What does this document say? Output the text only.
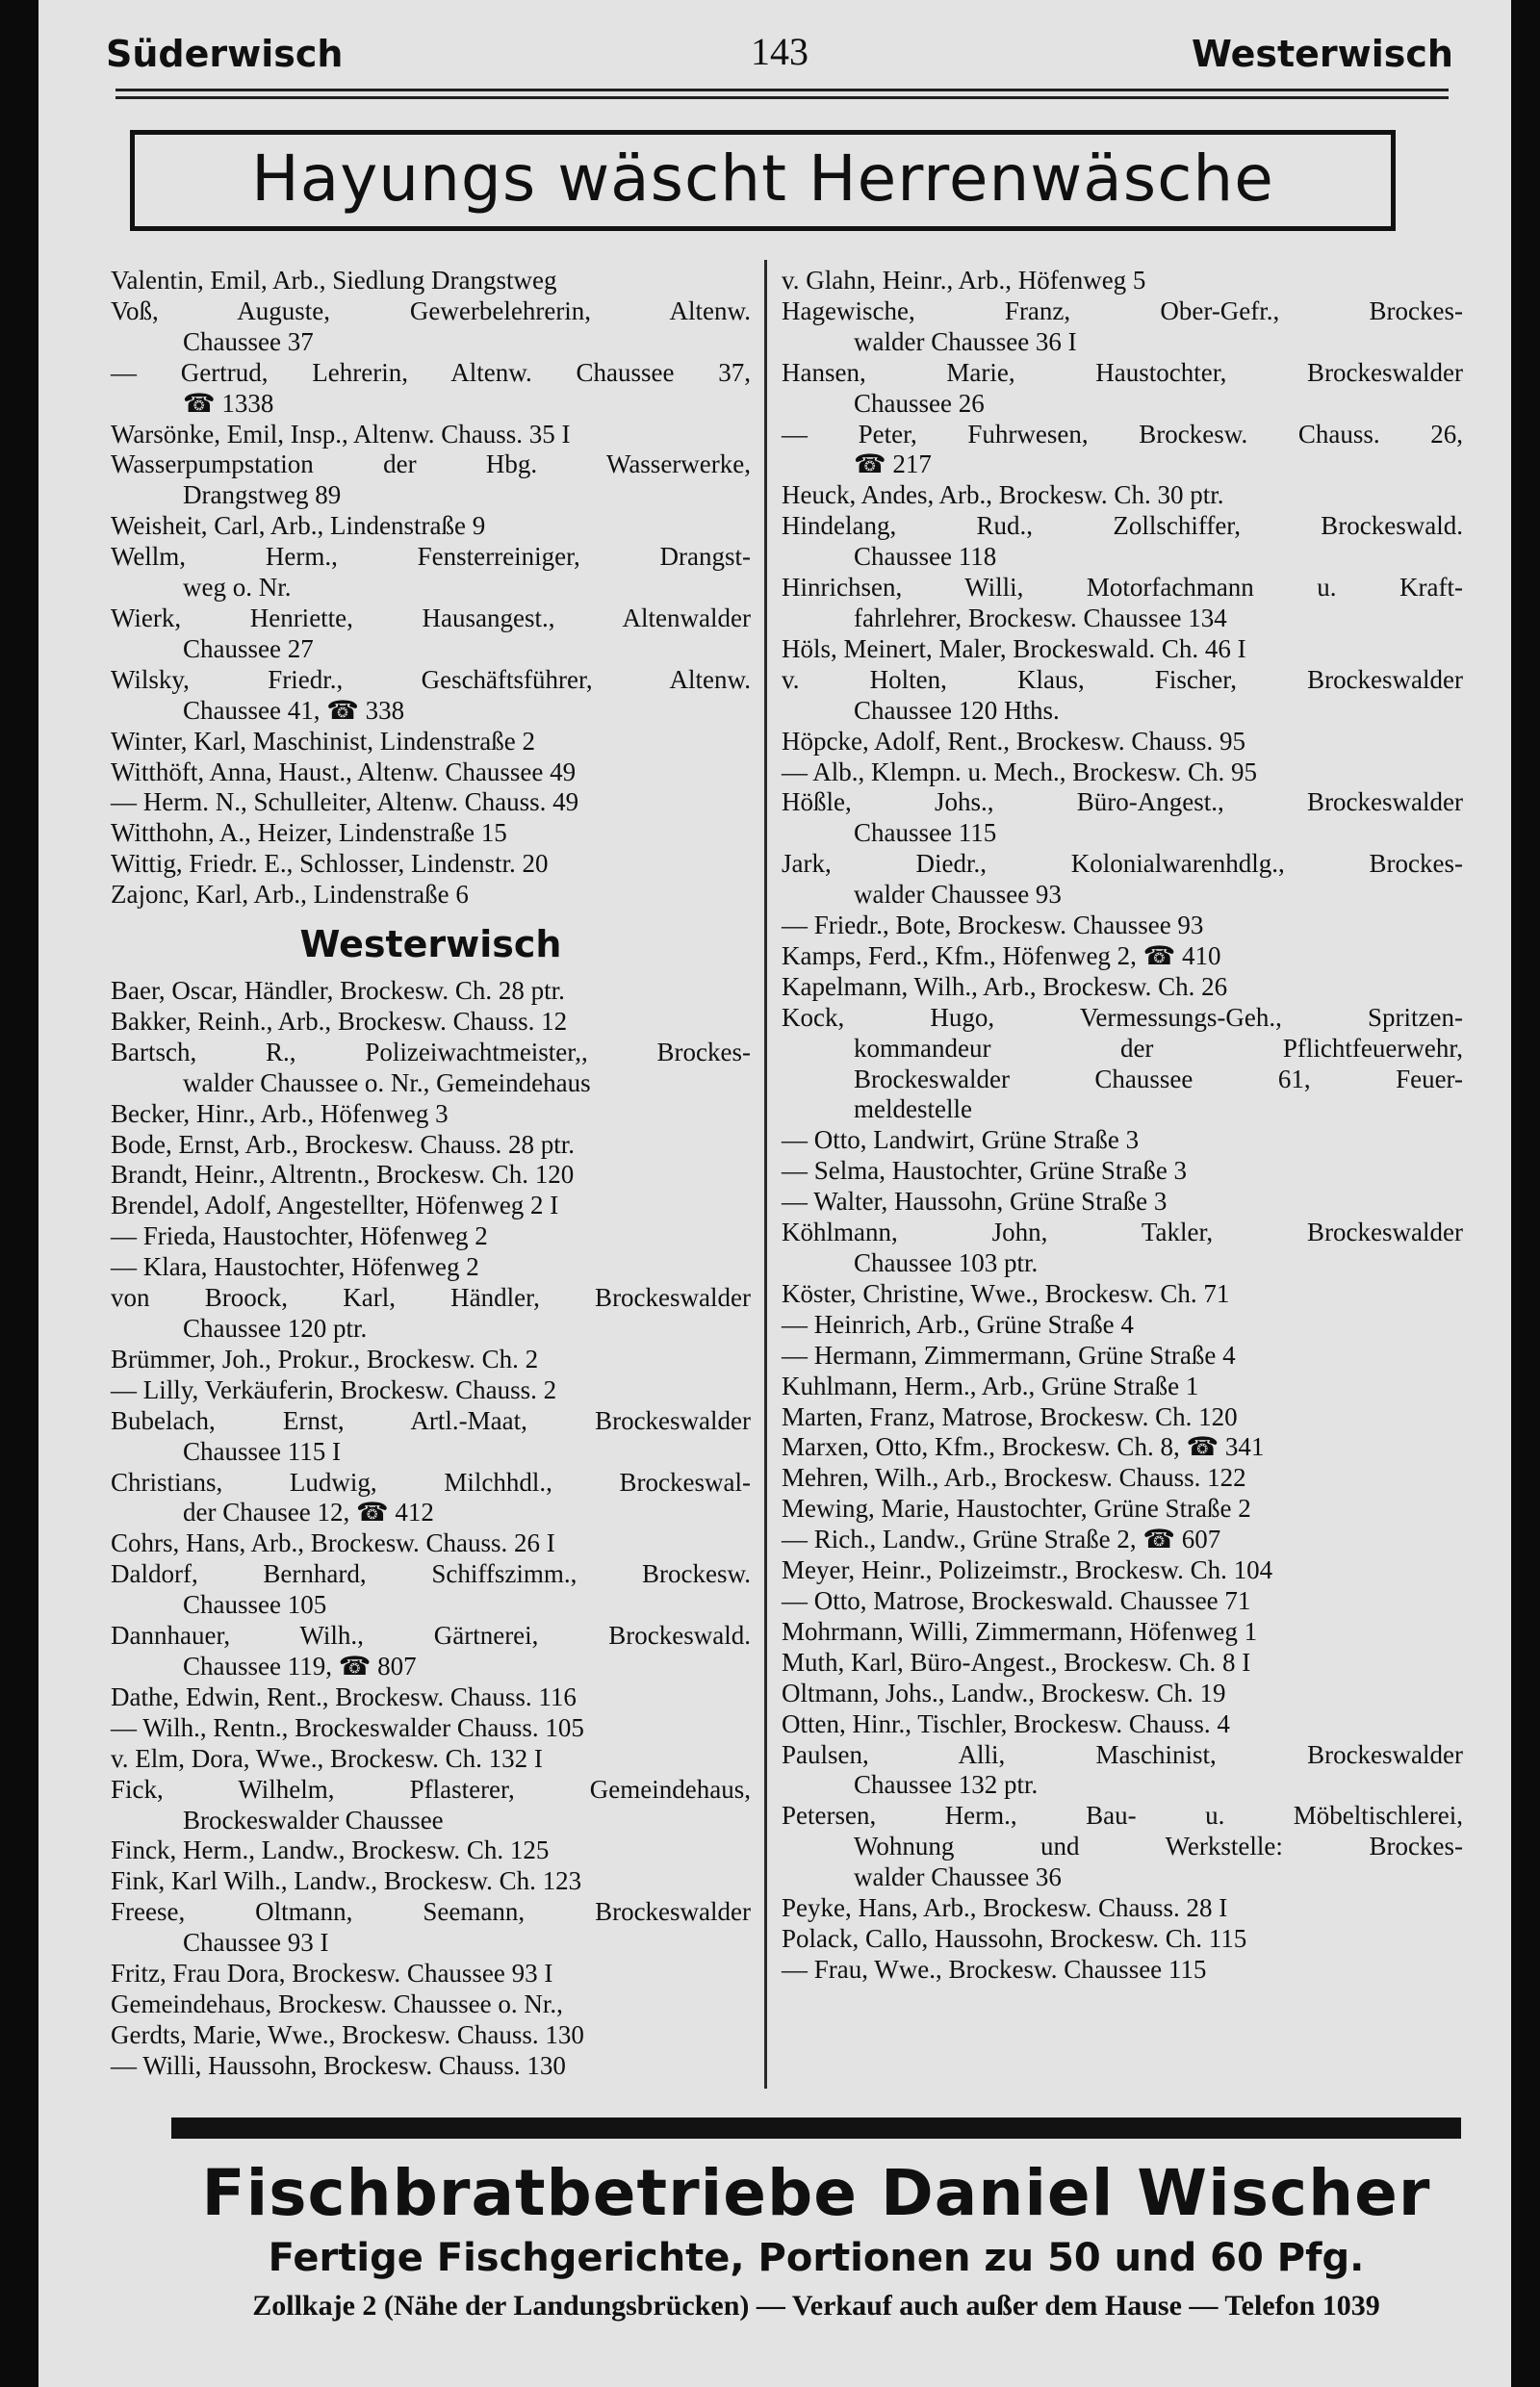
Süderwisch	143	Westerwisch
Hayungs wäscht Herrenwäsche
Valentin, Emil, Arb., Siedlung Drangstweg
Voß, Auguste, Gewerbelehrerin, Altenw.
Chaussee 37
— Gertrud, Lehrerin, Altenw. Chaussee 37,
☎ 1338
Warsönke, Emil, Insp., Altenw. Chauss. 35 I
Wasserpumpstation der Hbg. Wasserwerke,
Drangstweg 89
Weisheit, Carl, Arb., Lindenstraße 9
Wellm, Herm., Fensterreiniger, Drangst-
weg o. Nr.
Wierk, Henriette, Hausangest., Altenwalder
Chaussee 27
Wilsky, Friedr., Geschäftsführer, Altenw.
Chaussee 41, ☎ 338
Winter, Karl, Maschinist, Lindenstraße 2
Witthöft, Anna, Haust., Altenw. Chaussee 49
— Herm. N., Schulleiter, Altenw. Chauss. 49
Witthohn, A., Heizer, Lindenstraße 15
Wittig, Friedr. E., Schlosser, Lindenstr. 20
Zajonc, Karl, Arb., Lindenstraße 6
Westerwisch
Baer, Oscar, Händler, Brockesw. Ch. 28 ptr.
Bakker, Reinh., Arb., Brockesw. Chauss. 12
Bartsch, R., Polizeiwachtmeister,, Brockes-
walder Chaussee o. Nr., Gemeindehaus
Becker, Hinr., Arb., Höfenweg 3
Bode, Ernst, Arb., Brockesw. Chauss. 28 ptr.
Brandt, Heinr., Altrentn., Brockesw. Ch. 120
Brendel, Adolf, Angestellter, Höfenweg 2 I
— Frieda, Haustochter, Höfenweg 2
— Klara, Haustochter, Höfenweg 2
von Broock, Karl, Händler, Brockeswalder
Chaussee 120 ptr.
Brümmer, Joh., Prokur., Brockesw. Ch. 2
— Lilly, Verkäuferin, Brockesw. Chauss. 2
Bubelach, Ernst, Artl.-Maat, Brockeswalder
Chaussee 115 I
Christians, Ludwig, Milchhdl., Brockeswal-
der Chausee 12, ☎ 412
Cohrs, Hans, Arb., Brockesw. Chauss. 26 I
Daldorf, Bernhard, Schiffszimm., Brockesw.
Chaussee 105
Dannhauer, Wilh., Gärtnerei, Brockeswald.
Chaussee 119, ☎ 807
Dathe, Edwin, Rent., Brockesw. Chauss. 116
— Wilh., Rentn., Brockeswalder Chauss. 105
v. Elm, Dora, Wwe., Brockesw. Ch. 132 I
Fick, Wilhelm, Pflasterer, Gemeindehaus,
Brockeswalder Chaussee
Finck, Herm., Landw., Brockesw. Ch. 125
Fink, Karl Wilh., Landw., Brockesw. Ch. 123
Freese, Oltmann, Seemann, Brockeswalder
Chaussee 93 I
Fritz, Frau Dora, Brockesw. Chaussee 93 I
Gemeindehaus, Brockesw. Chaussee o. Nr.,
Gerdts, Marie, Wwe., Brockesw. Chauss. 130
— Willi, Haussohn, Brockesw. Chauss. 130
v. Glahn, Heinr., Arb., Höfenweg 5
Hagewische, Franz, Ober-Gefr., Brockes-
walder Chaussee 36 I
Hansen, Marie, Haustochter, Brockeswalder
Chaussee 26
— Peter, Fuhrwesen, Brockesw. Chauss. 26,
☎ 217
Heuck, Andes, Arb., Brockesw. Ch. 30 ptr.
Hindelang, Rud., Zollschiffer, Brockeswald.
Chaussee 118
Hinrichsen, Willi, Motorfachmann u. Kraft-
fahrlehrer, Brockesw. Chaussee 134
Höls, Meinert, Maler, Brockeswald. Ch. 46 I
v. Holten, Klaus, Fischer, Brockeswalder
Chaussee 120 Hths.
Höpcke, Adolf, Rent., Brockesw. Chauss. 95
— Alb., Klempn. u. Mech., Brockesw. Ch. 95
Hößle, Johs., Büro-Angest., Brockeswalder
Chaussee 115
Jark, Diedr., Kolonialwarenhdlg., Brockes-
walder Chaussee 93
— Friedr., Bote, Brockesw. Chaussee 93
Kamps, Ferd., Kfm., Höfenweg 2, ☎ 410
Kapelmann, Wilh., Arb., Brockesw. Ch. 26
Kock, Hugo, Vermessungs-Geh., Spritzen-
kommandeur der Pflichtfeuerwehr,
Brockeswalder Chaussee 61, Feuer-
meldestelle
— Otto, Landwirt, Grüne Straße 3
— Selma, Haustochter, Grüne Straße 3
— Walter, Haussohn, Grüne Straße 3
Köhlmann, John, Takler, Brockeswalder
Chaussee 103 ptr.
Köster, Christine, Wwe., Brockesw. Ch. 71
— Heinrich, Arb., Grüne Straße 4
— Hermann, Zimmermann, Grüne Straße 4
Kuhlmann, Herm., Arb., Grüne Straße 1
Marten, Franz, Matrose, Brockesw. Ch. 120
Marxen, Otto, Kfm., Brockesw. Ch. 8, ☎ 341
Mehren, Wilh., Arb., Brockesw. Chauss. 122
Mewing, Marie, Haustochter, Grüne Straße 2
— Rich., Landw., Grüne Straße 2, ☎ 607
Meyer, Heinr., Polizeimstr., Brockesw. Ch. 104
— Otto, Matrose, Brockeswald. Chaussee 71
Mohrmann, Willi, Zimmermann, Höfenweg 1
Muth, Karl, Büro-Angest., Brockesw. Ch. 8 I
Oltmann, Johs., Landw., Brockesw. Ch. 19
Otten, Hinr., Tischler, Brockesw. Chauss. 4
Paulsen, Alli, Maschinist, Brockeswalder
Chaussee 132 ptr.
Petersen, Herm., Bau- u. Möbeltischlerei,
Wohnung und Werkstelle: Brockes-
walder Chaussee 36
Peyke, Hans, Arb., Brockesw. Chauss. 28 I
Polack, Callo, Haussohn, Brockesw. Ch. 115
— Frau, Wwe., Brockesw. Chaussee 115
Fischbratbetriebe Daniel Wischer
Fertige Fischgerichte, Portionen zu 50 und 60 Pfg.
Zollkaje 2 (Nähe der Landungsbrücken) — Verkauf auch außer dem Hause — Telefon 1039
